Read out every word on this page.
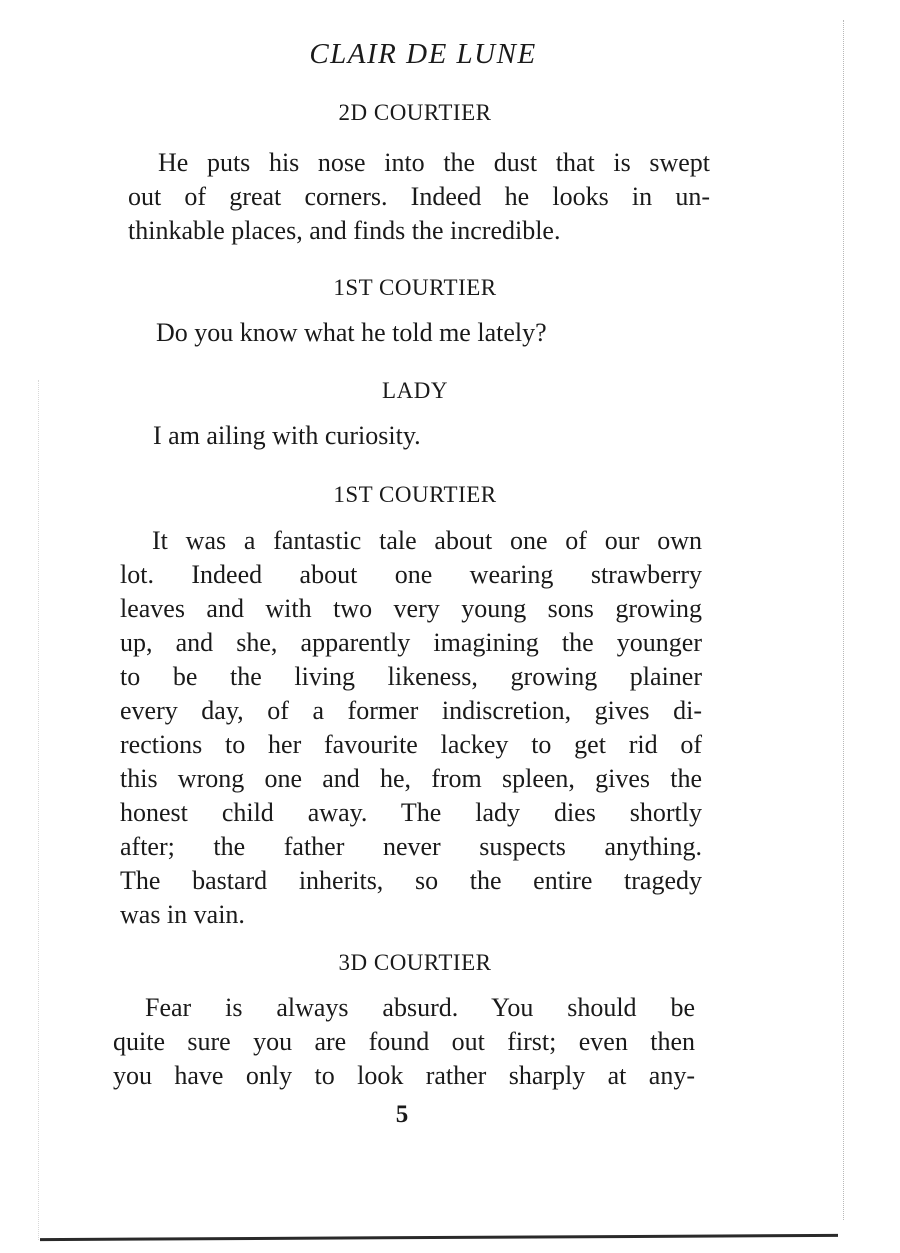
CLAIR DE LUNE
2D COURTIER
He puts his nose into the dust that is swept
out of great corners. Indeed he looks in un-
thinkable places, and finds the incredible.
1ST COURTIER
Do you know what he told me lately?
LADY
I am ailing with curiosity.
1ST COURTIER
It was a fantastic tale about one of our own
lot. Indeed about one wearing strawberry
leaves and with two very young sons growing
up, and she, apparently imagining the younger
to be the living likeness, growing plainer
every day, of a former indiscretion, gives di-
rections to her favourite lackey to get rid of
this wrong one and he, from spleen, gives the
honest child away. The lady dies shortly
after; the father never suspects anything.
The bastard inherits, so the entire tragedy
was in vain.
3D COURTIER
Fear is always absurd. You should be
quite sure you are found out first; even then
you have only to look rather sharply at any-
5
